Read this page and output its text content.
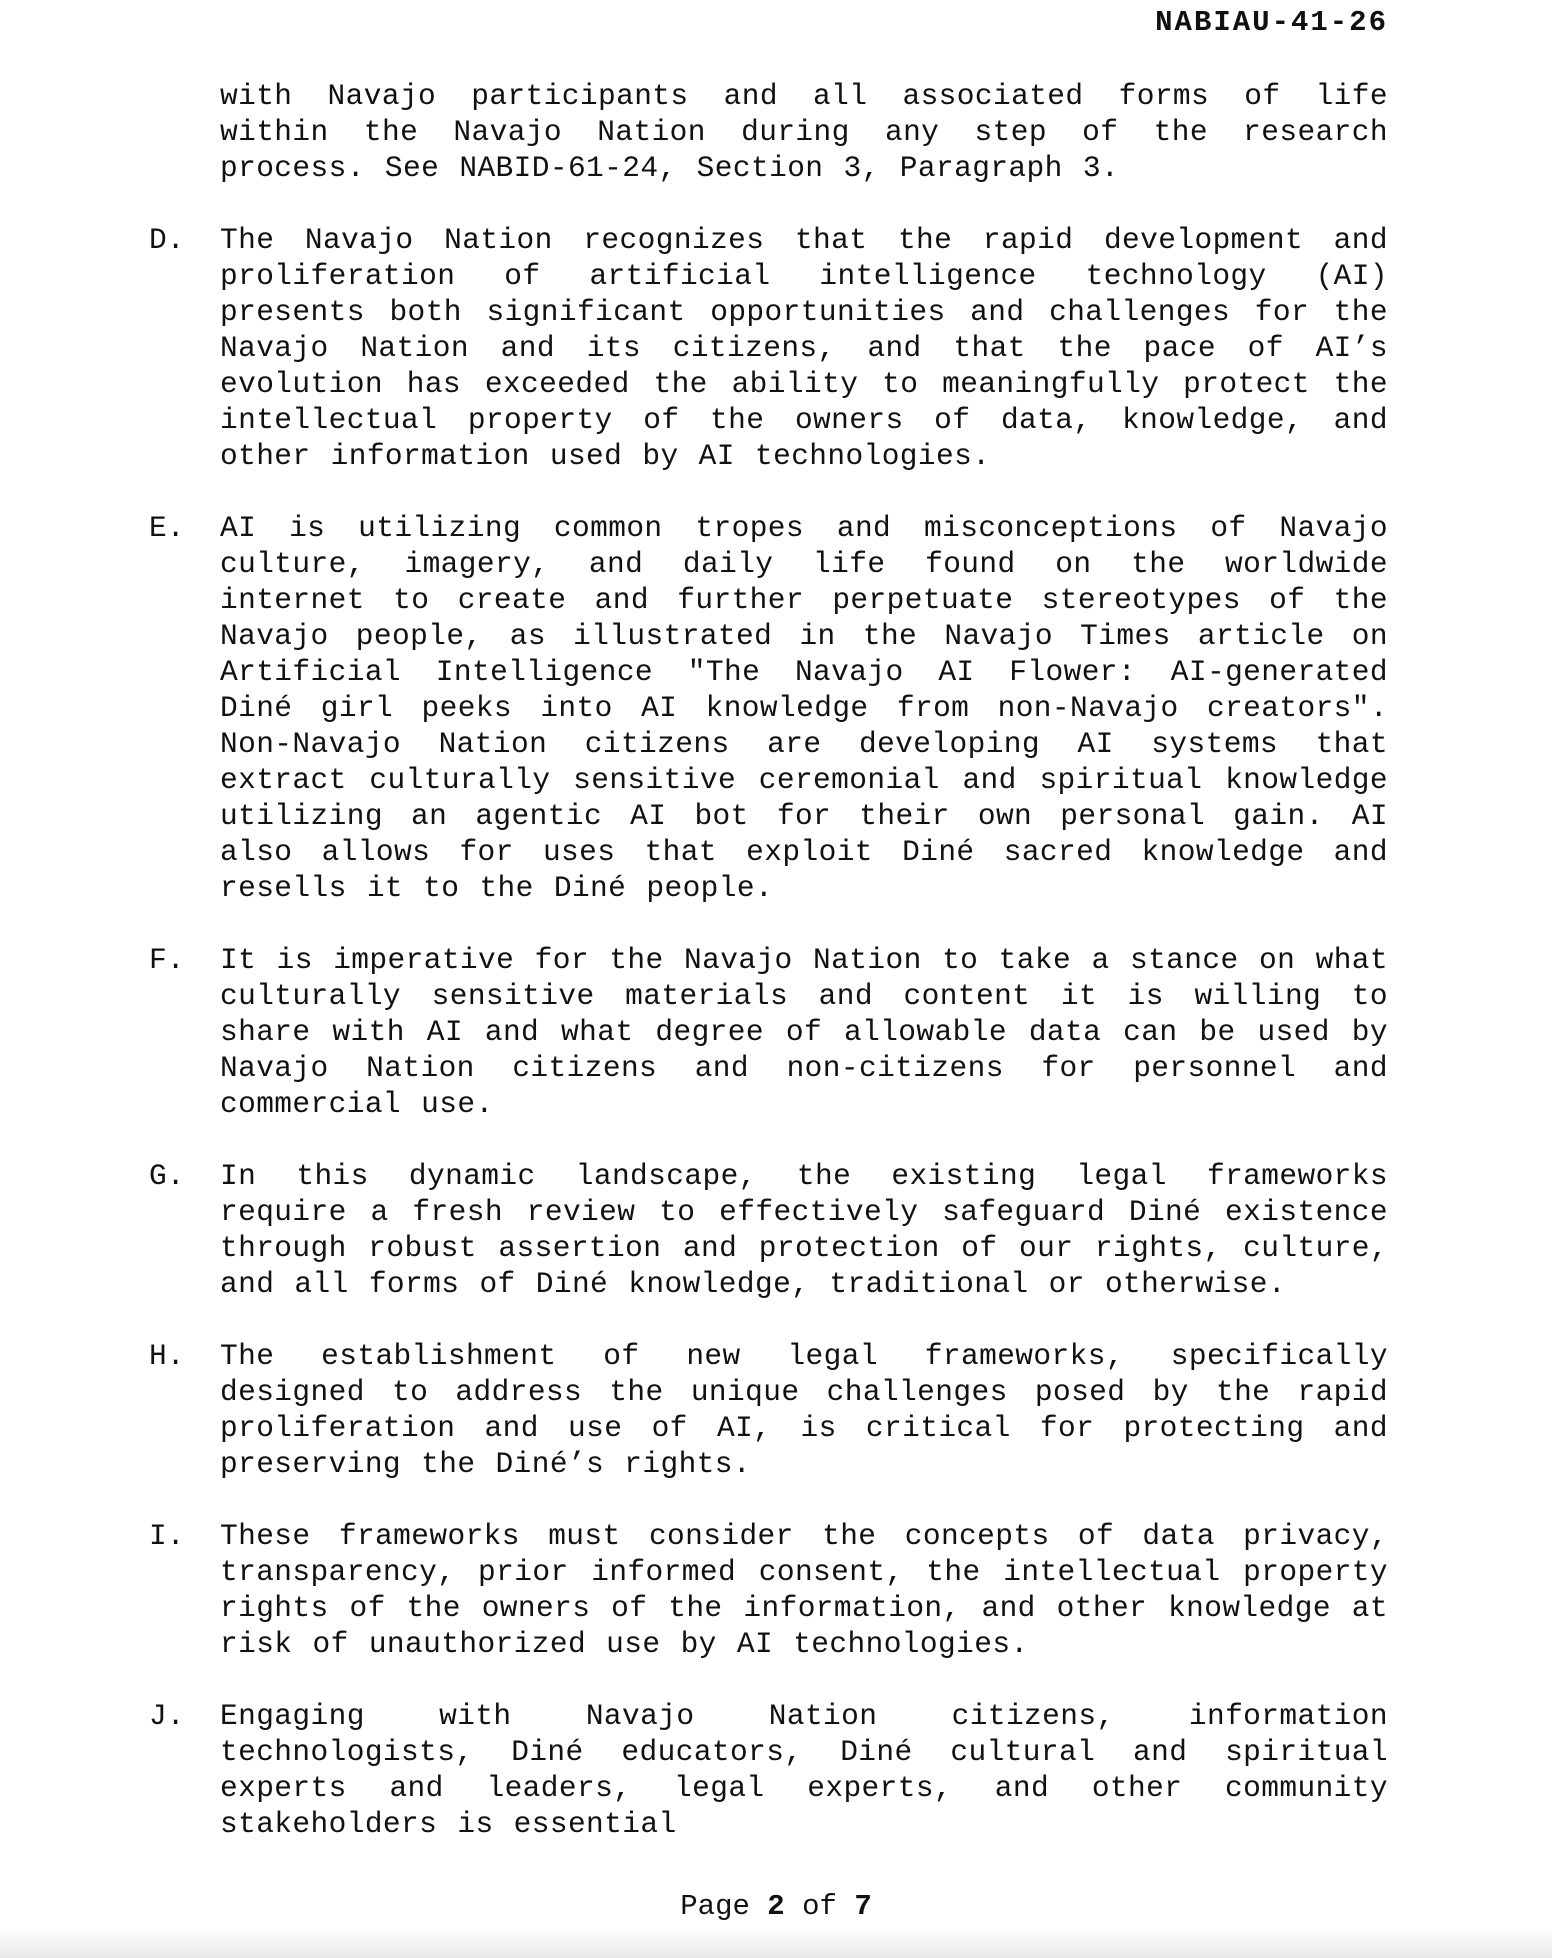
NABIAU-41-26

with Navajo participants and all associated forms of life within the Navajo Nation during any step of the research process. See NABID-61-24, Section 3, Paragraph 3.

D. The Navajo Nation recognizes that the rapid development and proliferation of artificial intelligence technology (AI) presents both significant opportunities and challenges for the Navajo Nation and its citizens, and that the pace of AI’s evolution has exceeded the ability to meaningfully protect the intellectual property of the owners of data, knowledge, and other information used by AI technologies.

E. AI is utilizing common tropes and misconceptions of Navajo culture, imagery, and daily life found on the worldwide internet to create and further perpetuate stereotypes of the Navajo people, as illustrated in the Navajo Times article on Artificial Intelligence "The Navajo AI Flower: AI-generated Diné girl peeks into AI knowledge from non-Navajo creators". Non-Navajo Nation citizens are developing AI systems that extract culturally sensitive ceremonial and spiritual knowledge utilizing an agentic AI bot for their own personal gain. AI also allows for uses that exploit Diné sacred knowledge and resells it to the Diné people.

F. It is imperative for the Navajo Nation to take a stance on what culturally sensitive materials and content it is willing to share with AI and what degree of allowable data can be used by Navajo Nation citizens and non-citizens for personnel and commercial use.

G. In this dynamic landscape, the existing legal frameworks require a fresh review to effectively safeguard Diné existence through robust assertion and protection of our rights, culture, and all forms of Diné knowledge, traditional or otherwise.

H. The establishment of new legal frameworks, specifically designed to address the unique challenges posed by the rapid proliferation and use of AI, is critical for protecting and preserving the Diné’s rights.

I. These frameworks must consider the concepts of data privacy, transparency, prior informed consent, the intellectual property rights of the owners of the information, and other knowledge at risk of unauthorized use by AI technologies.

J. Engaging with Navajo Nation citizens, information technologists, Diné educators, Diné cultural and spiritual experts and leaders, legal experts, and other community stakeholders is essential

Page 2 of 7
